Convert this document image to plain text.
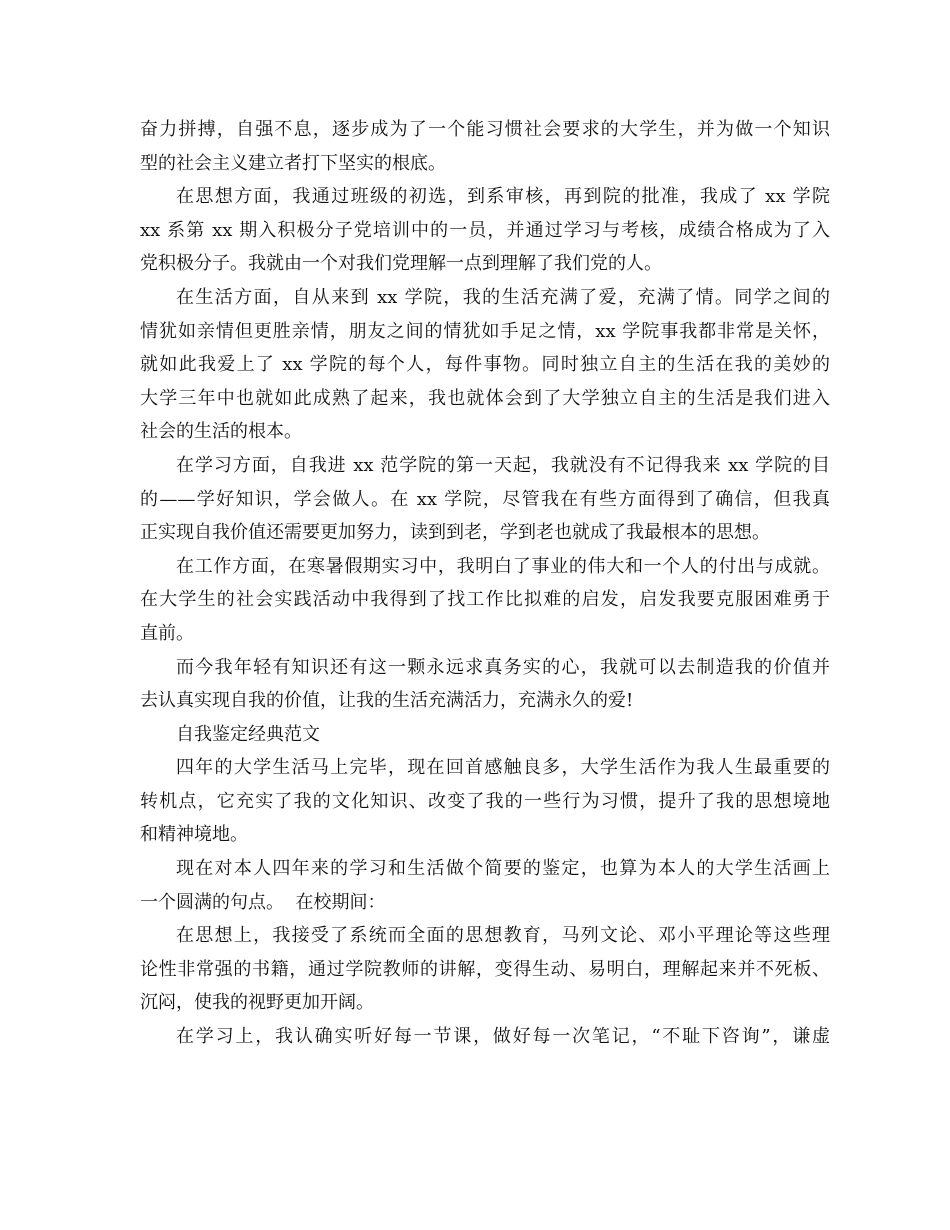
奋力拼搏，自强不息，逐步成为了一个能习惯社会要求的大学生，并为做一个知识
型的社会主义建立者打下坚实的根底。
在思想方面，我通过班级的初选，到系审核，再到院的批准，我成了 xx 学院
xx 系第 xx 期入积极分子党培训中的一员，并通过学习与考核，成绩合格成为了入
党积极分子。我就由一个对我们党理解一点到理解了我们党的人。
在生活方面，自从来到 xx 学院，我的生活充满了爱，充满了情。同学之间的
情犹如亲情但更胜亲情，朋友之间的情犹如手足之情，xx 学院事我都非常是关怀，
就如此我爱上了 xx 学院的每个人，每件事物。同时独立自主的生活在我的美妙的
大学三年中也就如此成熟了起来，我也就体会到了大学独立自主的生活是我们进入
社会的生活的根本。
在学习方面，自我进 xx 范学院的第一天起，我就没有不记得我来 xx 学院的目
的——学好知识，学会做人。在 xx 学院，尽管我在有些方面得到了确信，但我真
正实现自我价值还需要更加努力，读到到老，学到老也就成了我最根本的思想。
在工作方面，在寒暑假期实习中，我明白了事业的伟大和一个人的付出与成就。
在大学生的社会实践活动中我得到了找工作比拟难的启发，启发我要克服困难勇于
直前。
而今我年轻有知识还有这一颗永远求真务实的心，我就可以去制造我的价值并
去认真实现自我的价值，让我的生活充满活力，充满永久的爱!
自我鉴定经典范文
四年的大学生活马上完毕，现在回首感触良多，大学生活作为我人生最重要的
转机点，它充实了我的文化知识、改变了我的一些行为习惯，提升了我的思想境地
和精神境地。
现在对本人四年来的学习和生活做个简要的鉴定，也算为本人的大学生活画上
一个圆满的句点。  在校期间：
在思想上，我接受了系统而全面的思想教育，马列文论、邓小平理论等这些理
论性非常强的书籍，通过学院教师的讲解，变得生动、易明白，理解起来并不死板、
沉闷，使我的视野更加开阔。
在学习上，我认确实听好每一节课，做好每一次笔记，“不耻下咨询”，谦虚
